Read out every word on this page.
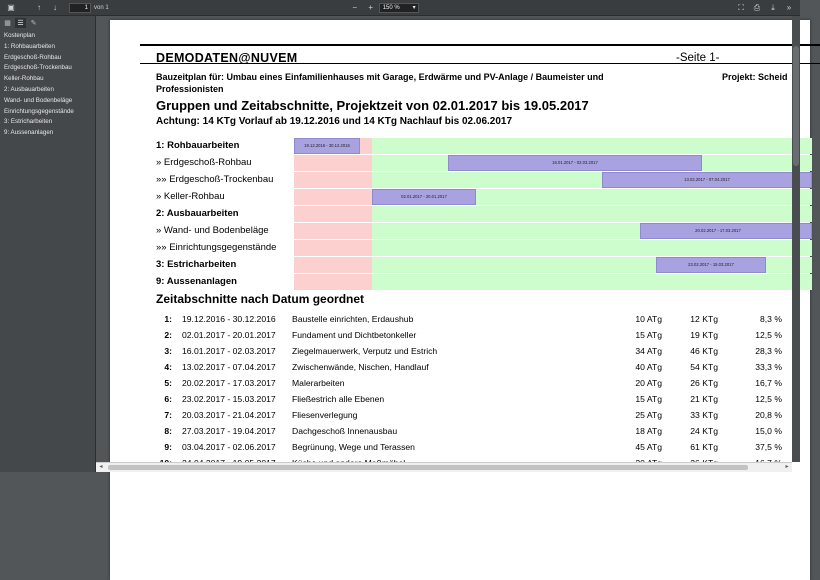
▣	↑	↓	1	von 1	−	+	150 % ▾	⛶	⎙	⤓	»
▦ ☰ ✎
Kostenplan
1: Rohbauarbeiten
Erdgeschoß-Rohbau
Erdgeschoß-Trockenbau
Keller-Rohbau
2: Ausbauarbeiten
Wand- und Bodenbeläge
Einrichtungsgegenstände
3: Estricharbeiten
9: Aussenanlagen
DEMODATEN@NUVEM	-Seite 1-
Bauzeitplan für: Umbau eines Einfamilienhauses mit Garage, Erdwärme und PV-Anlage / Baumeister und Professionisten
Projekt: Scheid
Gruppen und Zeitabschnitte, Projektzeit von 02.01.2017 bis 19.05.2017
Achtung: 14 KTg Vorlauf ab 19.12.2016 und 14 KTg Nachlauf bis 02.06.2017
1: Rohbauarbeiten	19.12.2016 - 30.12.2016
» Erdgeschoß-Rohbau	16.01.2017 - 02.03.2017
»» Erdgeschoß-Trockenbau	13.02.2017 - 07.04.2017
» Keller-Rohbau	02.01.2017 - 20.01.2017
2: Ausbauarbeiten
» Wand- und Bodenbeläge	20.02.2017 - 17.03.2017
»» Einrichtungsgegenstände
3: Estricharbeiten	23.02.2017 - 15.03.2017
9: Aussenanlagen
Zeitabschnitte nach Datum geordnet
1: 19.12.2016 - 30.12.2016 Baustelle einrichten, Erdaushub	10 ATg	12 KTg	8,3 %
2: 02.01.2017 - 20.01.2017 Fundament und Dichtbetonkeller	15 ATg	19 KTg	12,5 %
3: 16.01.2017 - 02.03.2017 Ziegelmauerwerk, Verputz und Estrich	34 ATg	46 KTg	28,3 %
4: 13.02.2017 - 07.04.2017 Zwischenwände, Nischen, Handlauf	40 ATg	54 KTg	33,3 %
5: 20.02.2017 - 17.03.2017 Malerarbeiten	20 ATg	26 KTg	16,7 %
6: 23.02.2017 - 15.03.2017 Fließestrich alle Ebenen	15 ATg	21 KTg	12,5 %
7: 20.03.2017 - 21.04.2017 Fliesenverlegung	25 ATg	33 KTg	20,8 %
8: 27.03.2017 - 19.04.2017 Dachgeschoß Innenausbau	18 ATg	24 KTg	15,0 %
9: 03.04.2017 - 02.06.2017 Begrünung, Wege und Terassen	45 ATg	61 KTg	37,5 %
◂	▸
